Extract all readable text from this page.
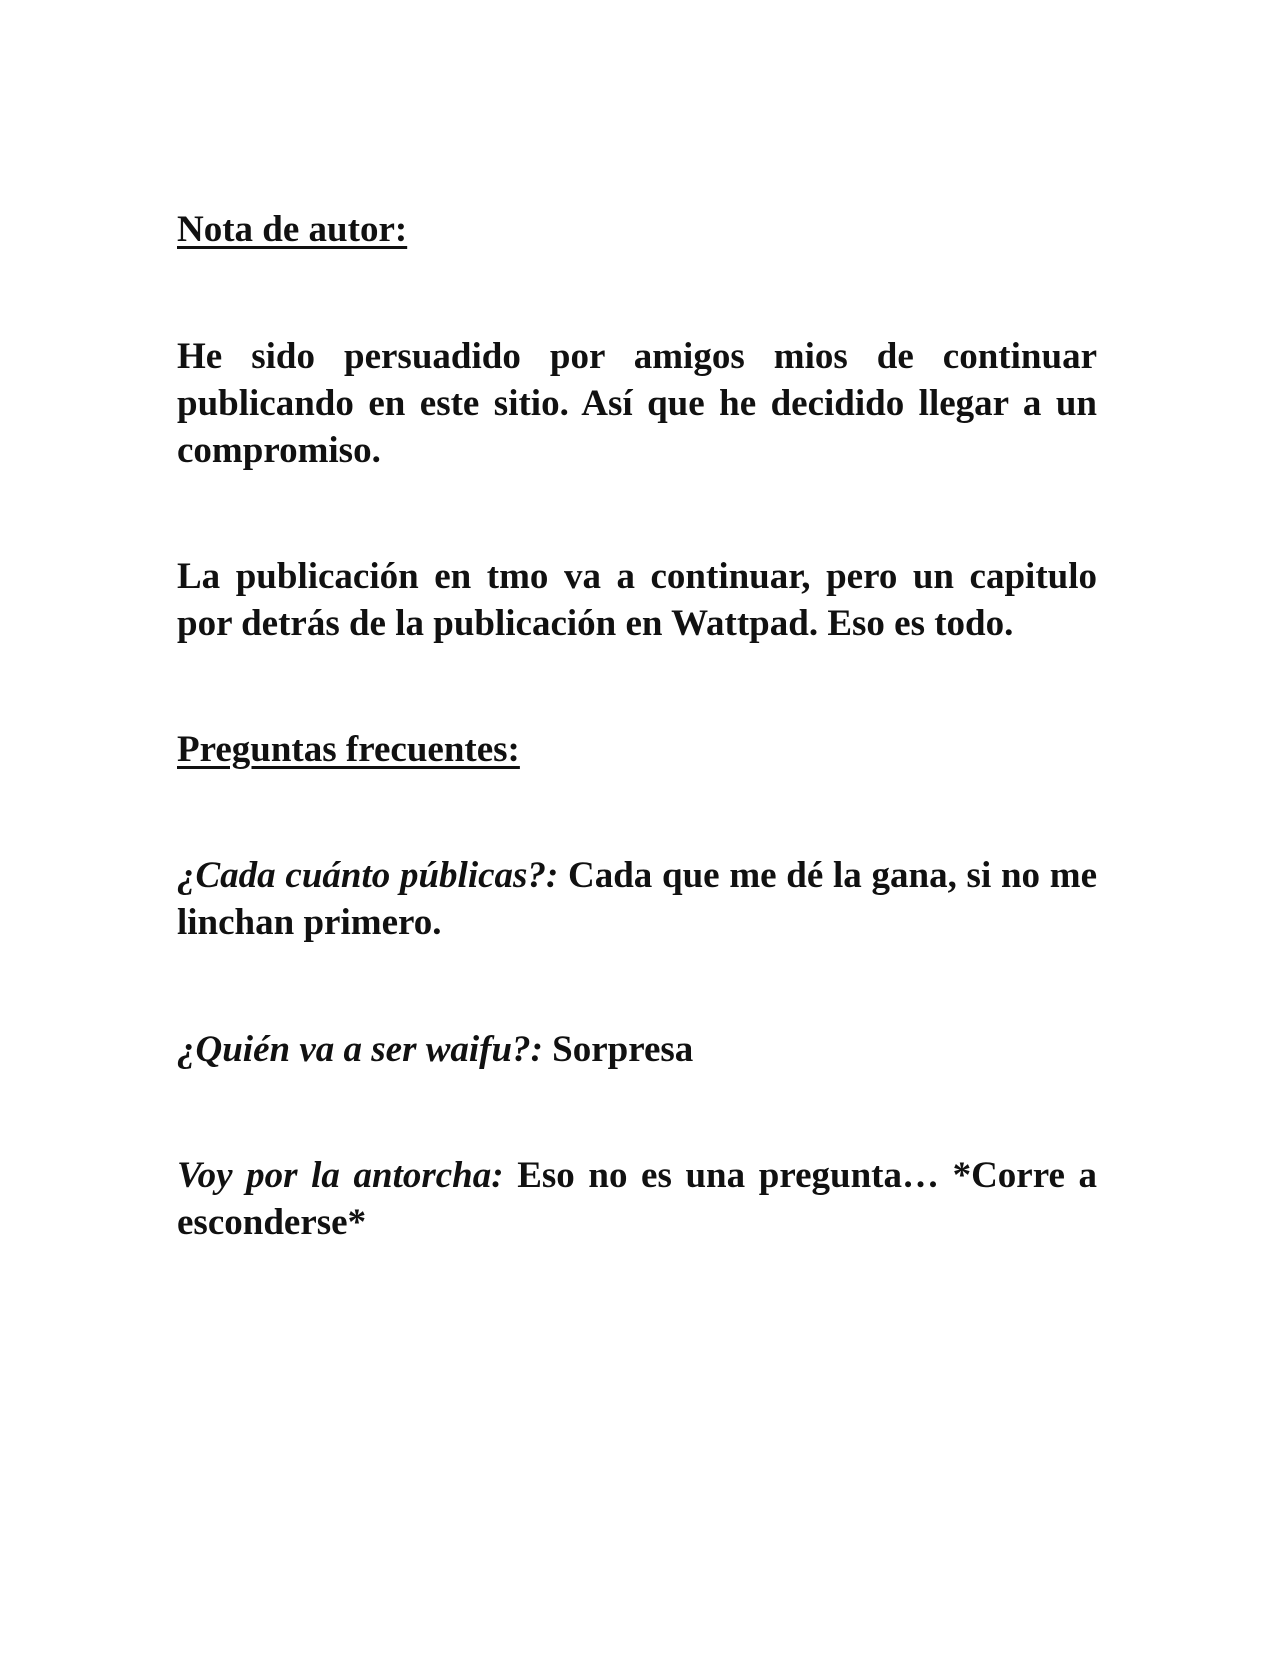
Nota de autor:

He sido persuadido por amigos mios de continuar publicando en este sitio. Así que he decidido llegar a un compromiso.

La publicación en tmo va a continuar, pero un capitulo por detrás de la publicación en Wattpad. Eso es todo.

Preguntas frecuentes:

¿Cada cuánto públicas?: Cada que me dé la gana, si no me linchan primero.

¿Quién va a ser waifu?: Sorpresa

Voy por la antorcha: Eso no es una pregunta… *Corre a esconderse*
